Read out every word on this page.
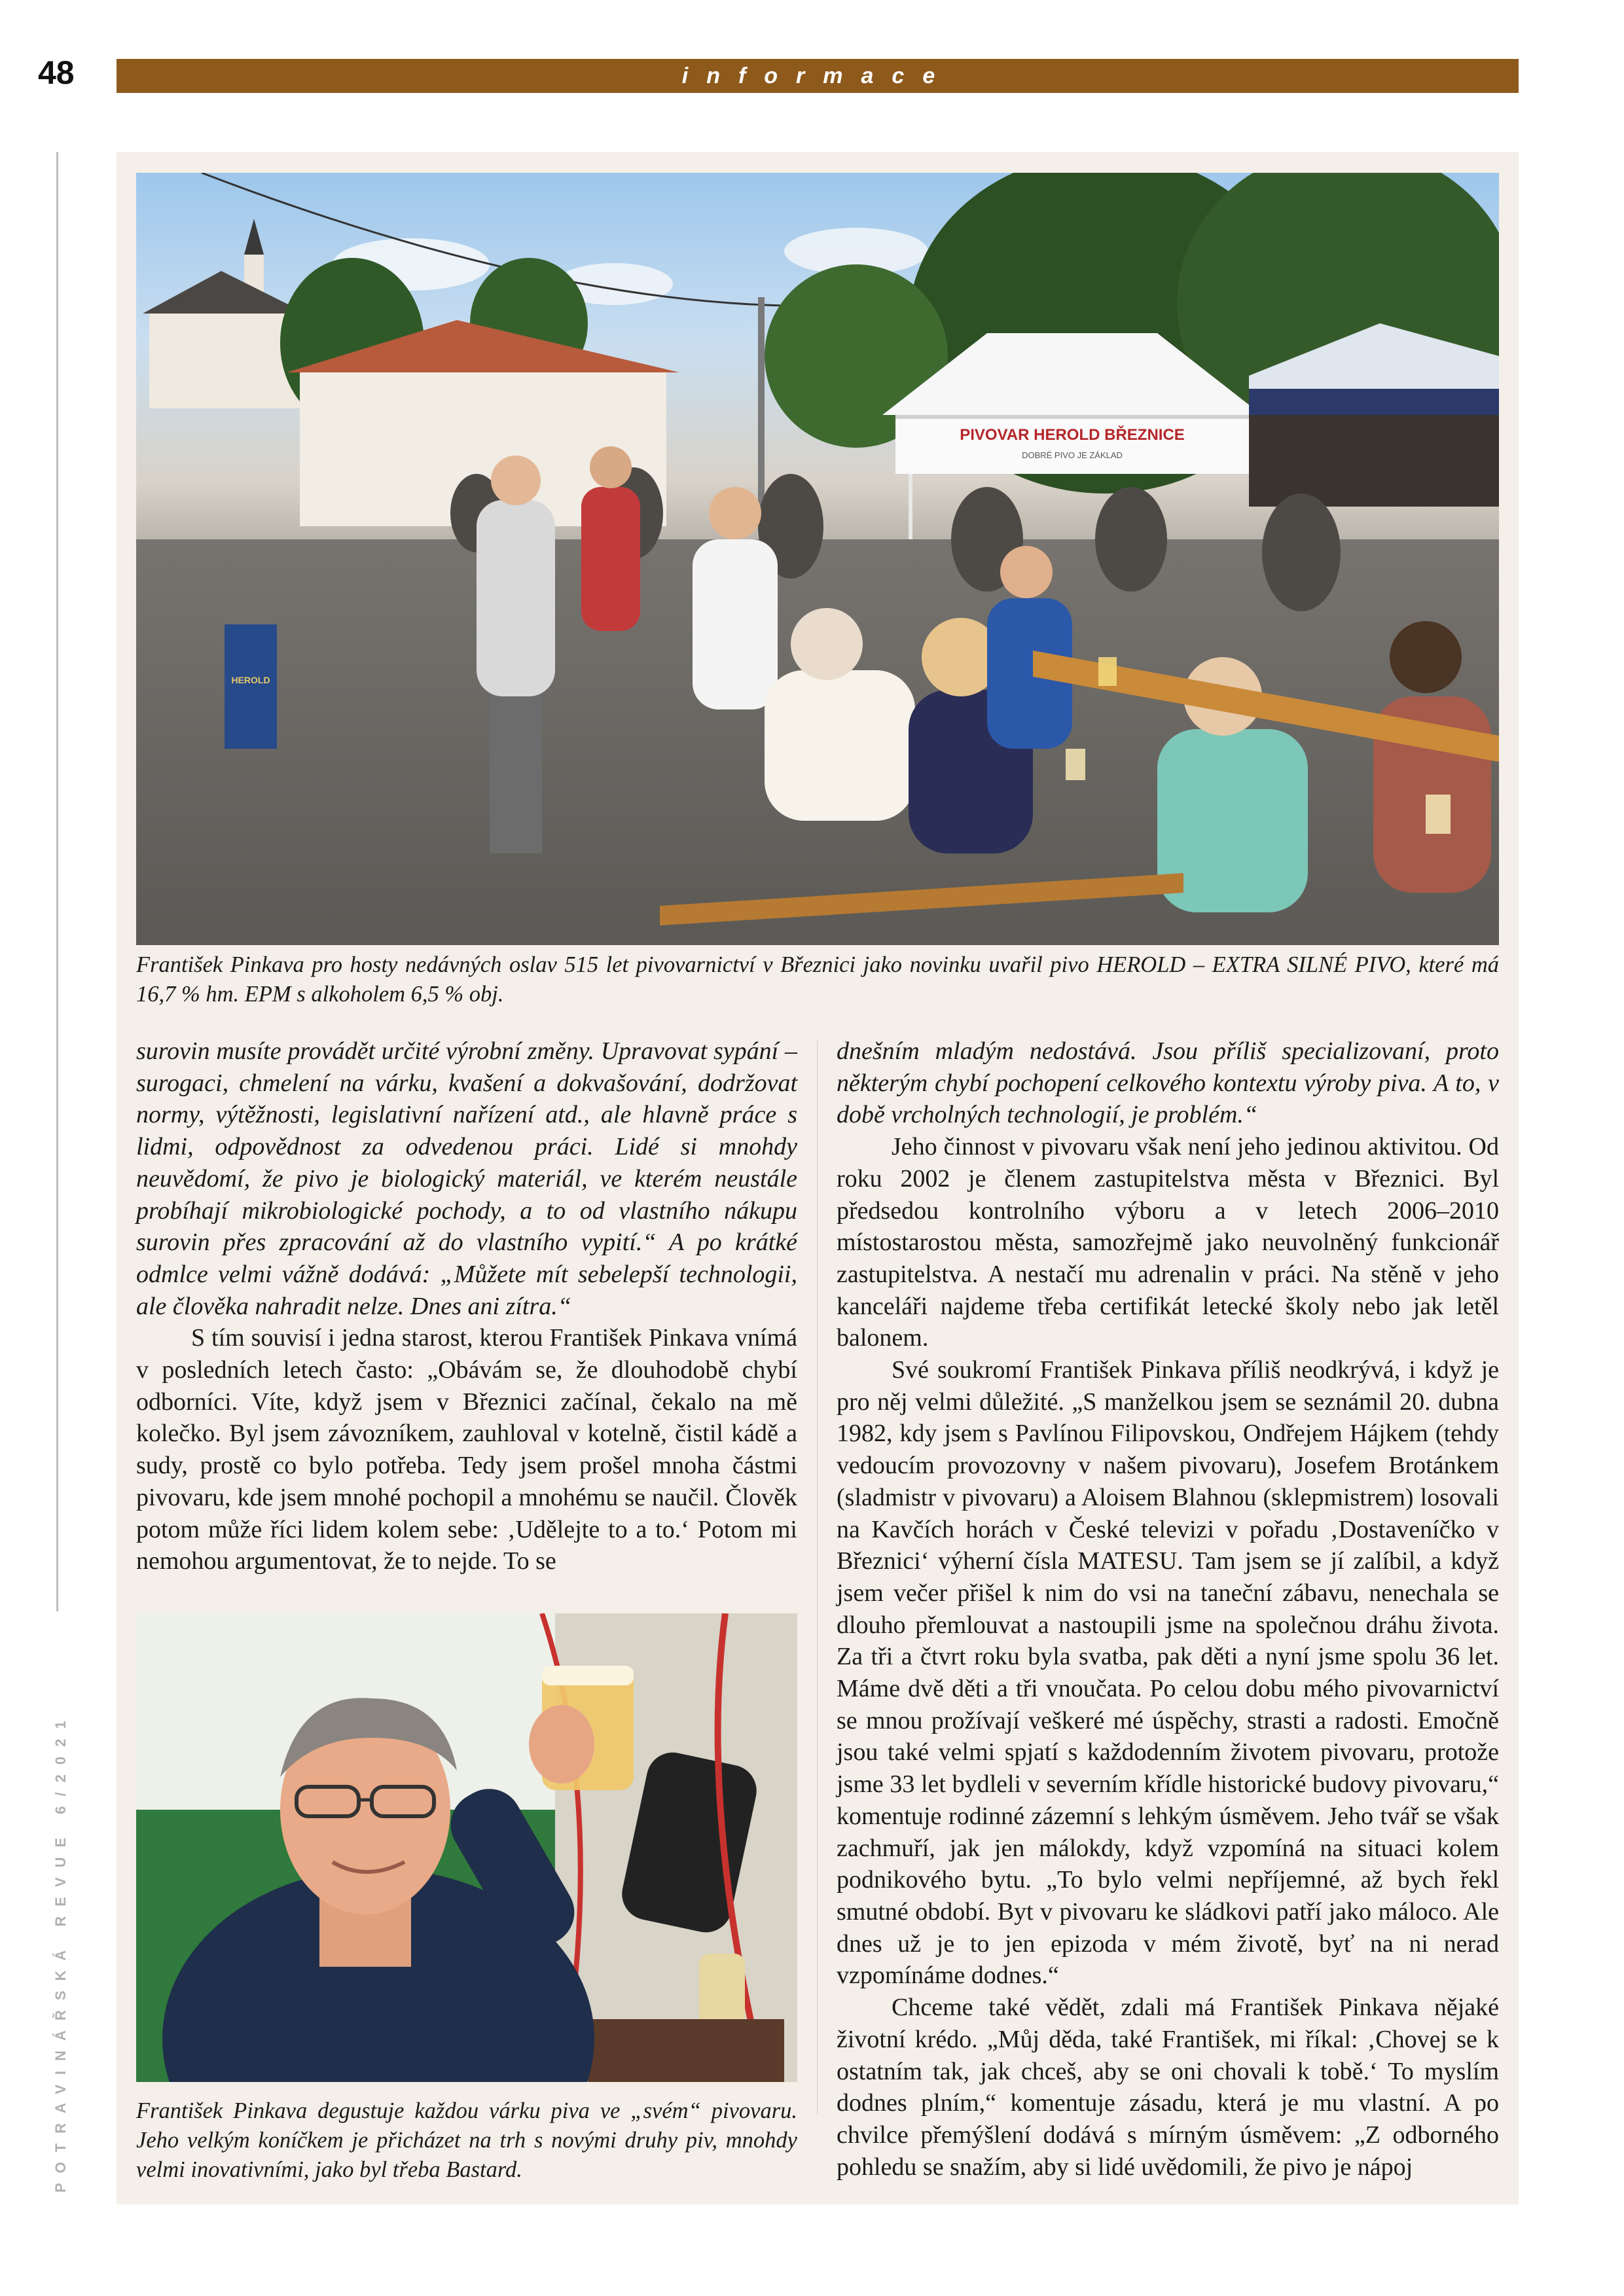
48	informace
POTRAVINÁŘSKÁ REVUE 6/2021
PIVOVAR HEROLD BŘEZNICE
DOBRÉ PIVO JE ZÁKLAD
HEROLD
František Pinkava pro hosty nedávných oslav 515 let pivovarnictví v Březnici jako novinku uvařil pivo HEROLD – EXTRA SILNÉ PIVO, které má 16,7 % hm. EPM s alkoholem 6,5 % obj.

surovin musíte provádět určité výrobní změny. Upravovat sypání – surogaci, chmelení na várku, kvašení a dokvašování, dodržovat normy, výtěžnosti, legislativní nařízení atd., ale hlavně práce s lidmi, odpovědnost za odvedenou práci. Lidé si mnohdy neuvědomí, že pivo je biologický materiál, ve kterém neustále probíhají mikrobiologické pochody, a to od vlastního nákupu surovin přes zpracování až do vlastního vypití.“ A po krátké odmlce velmi vážně dodává: „Můžete mít sebelepší technologii, ale člověka nahradit nelze. Dnes ani zítra.“

S tím souvisí i jedna starost, kterou František Pinkava vnímá v posledních letech často: „Obávám se, že dlouhodobě chybí odborníci. Víte, když jsem v Březnici začínal, čekalo na mě kolečko. Byl jsem závozníkem, zauhloval v kotelně, čistil kádě a sudy, prostě co bylo potřeba. Tedy jsem prošel mnoha částmi pivovaru, kde jsem mnohé pochopil a mnohému se naučil. Člověk potom může říci lidem kolem sebe: ‚Udělejte to a to.‘ Potom mi nemohou argumentovat, že to nejde. To se

František Pinkava degustuje každou várku piva ve „svém“ pivovaru. Jeho velkým koníčkem je přicházet na trh s novými druhy piv, mnohdy velmi inovativními, jako byl třeba Bastard.

dnešním mladým nedostává. Jsou příliš specializovaní, proto některým chybí pochopení celkového kontextu výroby piva. A to, v době vrcholných technologií, je problém.“

Jeho činnost v pivovaru však není jeho jedinou aktivitou. Od roku 2002 je členem zastupitelstva města v Březnici. Byl předsedou kontrolního výboru a v letech 2006–2010 místostarostou města, samozřejmě jako neuvolněný funkcionář zastupitelstva. A nestačí mu adrenalin v práci. Na stěně v jeho kanceláři najdeme třeba certifikát letecké školy nebo jak letěl balonem.

Své soukromí František Pinkava příliš neodkrývá, i když je pro něj velmi důležité. „S manželkou jsem se seznámil 20. dubna 1982, kdy jsem s Pavlínou Filipovskou, Ondřejem Hájkem (tehdy vedoucím provozovny v našem pivovaru), Josefem Brotánkem (sladmistr v pivovaru) a Aloisem Blahnou (sklepmistrem) losovali na Kavčích horách v České televizi v pořadu ‚Dostaveníčko v Březnici‘ výherní čísla MATESU. Tam jsem se jí zalíbil, a když jsem večer přišel k nim do vsi na taneční zábavu, nenechala se dlouho přemlouvat a nastoupili jsme na společnou dráhu života. Za tři a čtvrt roku byla svatba, pak děti a nyní jsme spolu 36 let. Máme dvě děti a tři vnoučata. Po celou dobu mého pivovarnictví se mnou prožívají veškeré mé úspěchy, strasti a radosti. Emočně jsou také velmi spjatí s každodenním životem pivovaru, protože jsme 33 let bydleli v severním křídle historické budovy pivovaru,“ komentuje rodinné zázemní s lehkým úsměvem. Jeho tvář se však zachmuří, jak jen málokdy, když vzpomíná na situaci kolem podnikového bytu. „To bylo velmi nepříjemné, až bych řekl smutné období. Byt v pivovaru ke sládkovi patří jako máloco. Ale dnes už je to jen epizoda v mém životě, byť na ni nerad vzpomínáme dodnes.“

Chceme také vědět, zdali má František Pinkava nějaké životní krédo. „Můj děda, také František, mi říkal: ‚Chovej se k ostatním tak, jak chceš, aby se oni chovali k tobě.‘ To myslím dodnes plním,“ komentuje zásadu, která je mu vlastní. A po chvilce přemýšlení dodává s mírným úsměvem: „Z odborného pohledu se snažím, aby si lidé uvědomili, že pivo je nápoj
